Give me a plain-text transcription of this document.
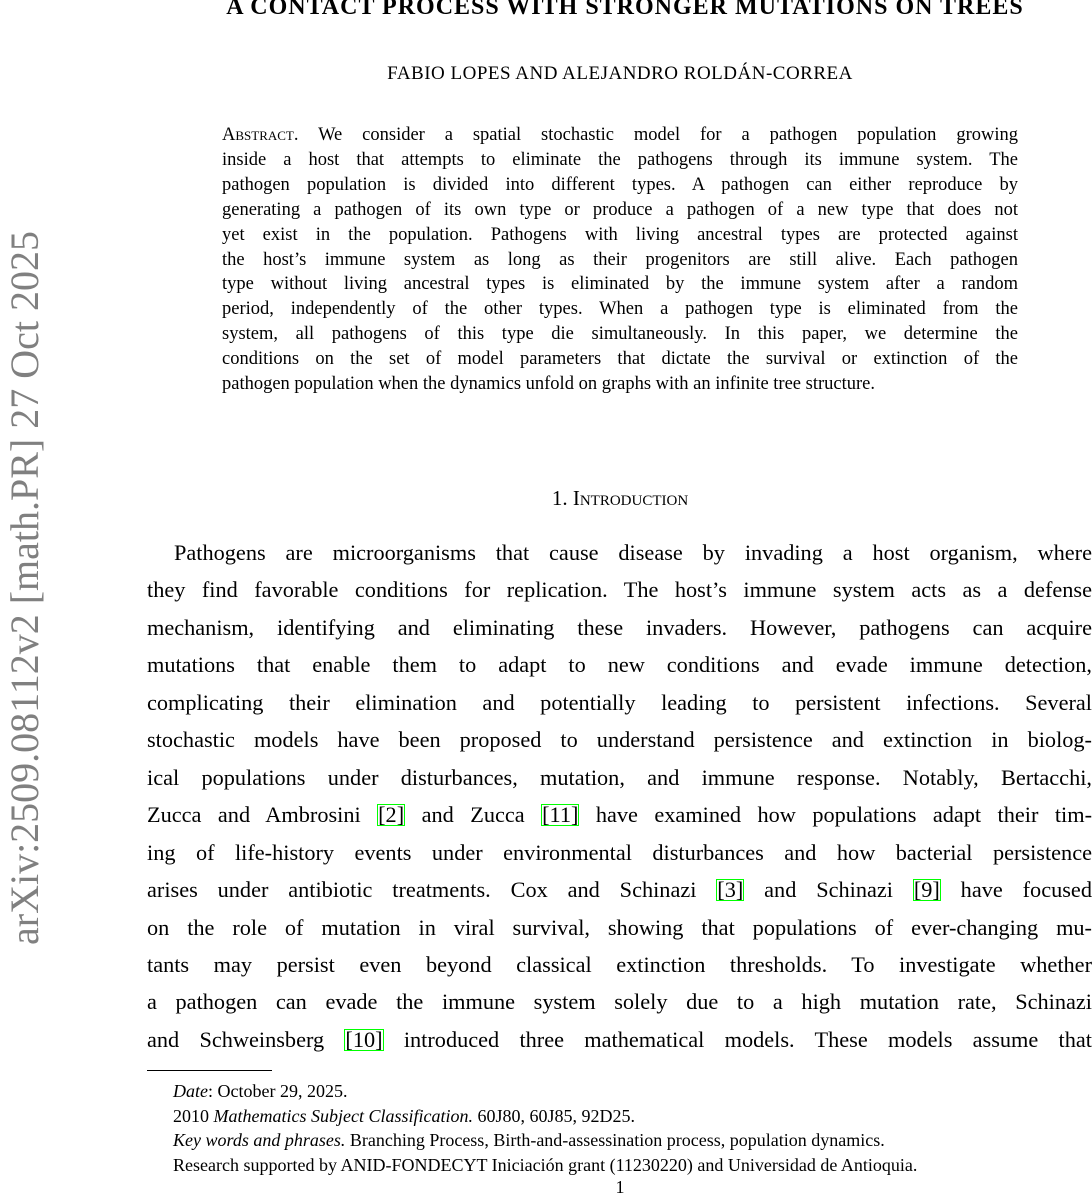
arXiv:2509.08112v2 [math.PR] 27 Oct 2025
A CONTACT PROCESS WITH STRONGER MUTATIONS ON TREES
FABIO LOPES AND ALEJANDRO ROLDÁN-CORREA
Abstract. We consider a spatial stochastic model for a pathogen population growing
inside a host that attempts to eliminate the pathogens through its immune system. The
pathogen population is divided into different types. A pathogen can either reproduce by
generating a pathogen of its own type or produce a pathogen of a new type that does not
yet exist in the population. Pathogens with living ancestral types are protected against
the host’s immune system as long as their progenitors are still alive. Each pathogen
type without living ancestral types is eliminated by the immune system after a random
period, independently of the other types. When a pathogen type is eliminated from the
system, all pathogens of this type die simultaneously. In this paper, we determine the
conditions on the set of model parameters that dictate the survival or extinction of the
pathogen population when the dynamics unfold on graphs with an infinite tree structure.
1. Introduction
Pathogens are microorganisms that cause disease by invading a host organism, where
they find favorable conditions for replication. The host’s immune system acts as a defense
mechanism, identifying and eliminating these invaders. However, pathogens can acquire
mutations that enable them to adapt to new conditions and evade immune detection,
complicating their elimination and potentially leading to persistent infections. Several
stochastic models have been proposed to understand persistence and extinction in biolog-
ical populations under disturbances, mutation, and immune response. Notably, Bertacchi,
Zucca and Ambrosini [2] and Zucca [11] have examined how populations adapt their tim-
ing of life-history events under environmental disturbances and how bacterial persistence
arises under antibiotic treatments. Cox and Schinazi [3] and Schinazi [9] have focused
on the role of mutation in viral survival, showing that populations of ever-changing mu-
tants may persist even beyond classical extinction thresholds. To investigate whether
a pathogen can evade the immune system solely due to a high mutation rate, Schinazi
and Schweinsberg [10] introduced three mathematical models. These models assume that
Date: October 29, 2025.
2010 Mathematics Subject Classification. 60J80, 60J85, 92D25.
Key words and phrases. Branching Process, Birth-and-assessination process, population dynamics.
Research supported by ANID-FONDECYT Iniciación grant (11230220) and Universidad de Antioquia.
1
